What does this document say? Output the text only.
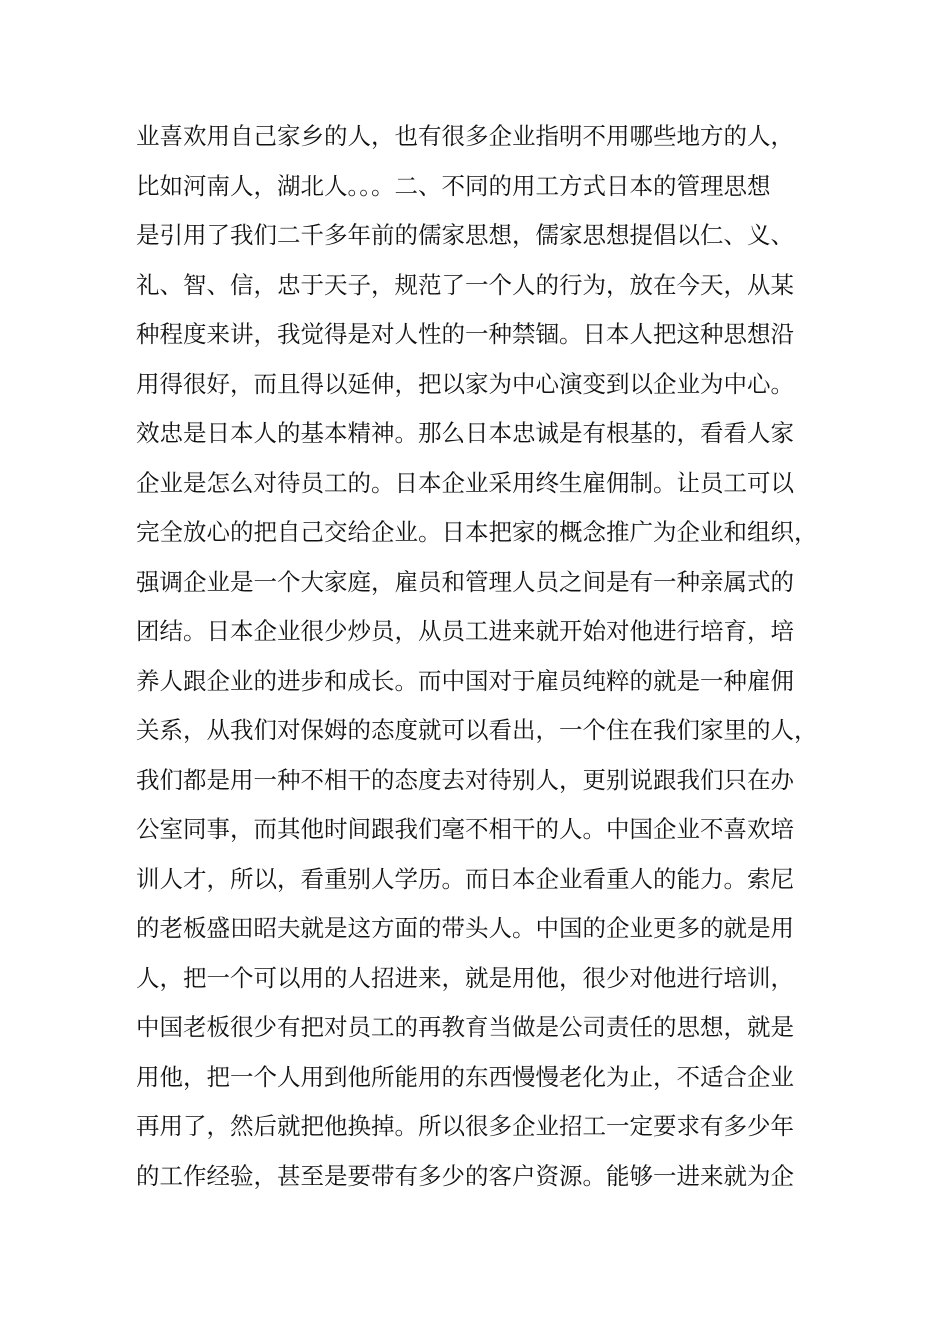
业喜欢用自己家乡的人，也有很多企业指明不用哪些地方的人，
比如河南人，湖北人。。。二、不同的用工方式日本的管理思想
是引用了我们二千多年前的儒家思想，儒家思想提倡以仁、义、
礼、智、信，忠于天子，规范了一个人的行为，放在今天，从某
种程度来讲，我觉得是对人性的一种禁锢。日本人把这种思想沿
用得很好，而且得以延伸，把以家为中心演变到以企业为中心。
效忠是日本人的基本精神。那么日本忠诚是有根基的，看看人家
企业是怎么对待员工的。日本企业采用终生雇佣制。让员工可以
完全放心的把自己交给企业。日本把家的概念推广为企业和组织，
强调企业是一个大家庭，雇员和管理人员之间是有一种亲属式的
团结。日本企业很少炒员，从员工进来就开始对他进行培育，培
养人跟企业的进步和成长。而中国对于雇员纯粹的就是一种雇佣
关系，从我们对保姆的态度就可以看出，一个住在我们家里的人，
我们都是用一种不相干的态度去对待别人，更别说跟我们只在办
公室同事，而其他时间跟我们毫不相干的人。中国企业不喜欢培
训人才，所以，看重别人学历。而日本企业看重人的能力。索尼
的老板盛田昭夫就是这方面的带头人。中国的企业更多的就是用
人，把一个可以用的人招进来，就是用他，很少对他进行培训，
中国老板很少有把对员工的再教育当做是公司责任的思想，就是
用他，把一个人用到他所能用的东西慢慢老化为止，不适合企业
再用了，然后就把他换掉。所以很多企业招工一定要求有多少年
的工作经验，甚至是要带有多少的客户资源。能够一进来就为企
